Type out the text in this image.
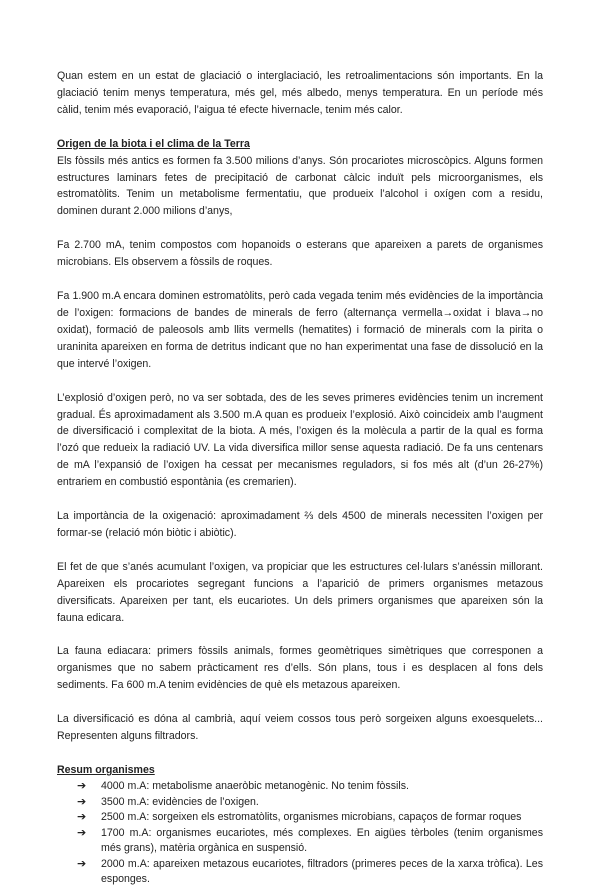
Quan estem en un estat de glaciació o interglaciació, les retroalimentacions són importants. En la glaciació tenim menys temperatura, més gel, més albedo, menys temperatura. En un període més càlid, tenim més evaporació, l’aigua té efecte hivernacle, tenim més calor.

Origen de la biota i el clima de la Terra

Els fòssils més antics es formen fa 3.500 milions d’anys. Són procariotes microscòpics. Alguns formen estructures laminars fetes de precipitació de carbonat càlcic induït pels microorganismes, els estromatòlits. Tenim un metabolisme fermentatiu, que produeix l’alcohol i oxígen com a residu, dominen durant 2.000 milions d’anys,

Fa 2.700 mA, tenim compostos com hopanoids o esterans que apareixen a parets de organismes microbians. Els observem a fòssils de roques.

Fa 1.900 m.A encara dominen estromatòlits, però cada vegada tenim més evidències de la importància de l’oxigen: formacions de bandes de minerals de ferro (alternança vermella→oxidat i blava→no oxidat), formació de paleosols amb llits vermells (hematites) i formació de minerals com la pirita o uraninita apareixen en forma de detritus indicant que no han experimentat una fase de dissolució en la que intervé l’oxigen.

L’explosió d’oxigen però, no va ser sobtada, des de les seves primeres evidències tenim un increment gradual. És aproximadament als 3.500 m.A quan es produeix l’explosió. Això coincideix amb l’augment de diversificació i complexitat de la biota. A més, l’oxigen és la molècula a partir de la qual es forma l’ozó que redueix la radiació UV. La vida diversifica millor sense aquesta radiació. De fa uns centenars de mA l’expansió de l’oxigen ha cessat per mecanismes reguladors, si fos més alt (d’un 26-27%) entrariem en combustió espontània (es cremarien).

La importància de la oxigenació: aproximadament ⅔ dels 4500 de minerals necessiten l’oxigen per formar-se (relació món biòtic i abiòtic).

El fet de que s’anés acumulant l’oxigen, va propiciar que les estructures cel·lulars s’anéssin millorant. Apareixen els procariotes segregant funcions a l’aparició de primers organismes metazous diversificats. Apareixen per tant, els eucariotes. Un dels primers organismes que apareixen són la fauna edicara.

La fauna ediacara: primers fòssils animals, formes geomètriques simètriques que corresponen a organismes que no sabem pràcticament res d’ells. Són plans, tous i es desplacen al fons dels sediments. Fa 600 m.A tenim evidències de què els metazous apareixen.

La diversificació es dóna al cambrià, aquí veiem cossos tous però sorgeixen alguns exoesquelets... Representen alguns filtradors.

Resum organismes
➔ 4000 m.A: metabolisme anaeròbic metanogènic. No tenim fòssils.
➔ 3500 m.A: evidències de l’oxigen.
➔ 2500 m.A: sorgeixen els estromatòlits, organismes microbians, capaços de formar roques
➔ 1700 m.A: organismes eucariotes, més complexes. En aigües tèrboles (tenim organismes més grans), matèria orgànica en suspensió.
➔ 2000 m.A: apareixen metazous eucariotes, filtradors (primeres peces de la xarxa tròfica). Les esponges.
